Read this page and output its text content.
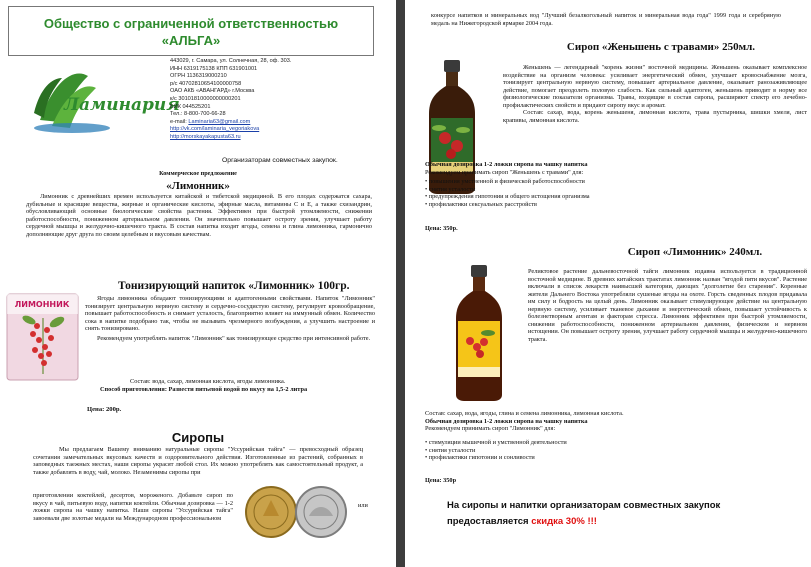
Общество с ограниченной ответственностью
«АЛЬГА»
Ламинария
443029, г. Самара, ул. Солнечная, 28, оф. 303.
ИНН 6319175138 КПП 631901001
ОГРН 1136319000210
р/с 40702810654100000758
ОАО АКБ «АВАНГАРД» г.Москва
к/с 30101810000000000201
БИК 044525201
Тел.: 8-800-700-66-28
e-mail: Laminaria63@gmail.com
http://vk.com/laminaria_vegoriakova
http://morskayakapusta63.ru
Организаторам совместных закупок.
Коммерческое предложение
«Лимонник»
Лимонник с древнейших времен используется китайской и тибетской медициной. В его плодах содержатся сахара, дубильные и красящие вещества, жирные и органические кислоты, эфирные масла, витамины С и Е, а также схизандрин, обусловливающий основные биологические свойства растения. Эффективен при быстрой утомляемости, снижении работоспособности, пониженном артериальном давлении. Он значительно повышает остроту зрения, улучшает работу сердечной мышцы и желудочно-кишечного тракта. В состав напитка входят ягоды, семена и глина лимонника, гармонично дополняющие друг друга по своим целебным и вкусовым качествам.
Тонизирующий напиток «Лимонник» 100гр.
ЛИМОННИК

Ягоды лимонника обладают тонизирующими и адаптогенными свойствами. Напиток "Лимонник" тонизирует центральную нервную систему и сердечно-сосудистую систему, регулирует кровообращение, повышает работоспособность и снимает усталость, благоприятно влияет на иммунный обмен. Количество сока в напитке подобрано так, чтобы не вызывать чрезмерного возбуждения, а улучшить настроение и снять тонизировано.

Рекомендуем употреблять напиток "Лимонник" как тонизирующее средство при интенсивной работе.

Состав: вода, сахар, лимонная кислота, ягоды лимонника.
Способ приготовления: Развести питьевой водой по вкусу на 1,5-2 литра
Цена: 200р.
Сиропы
Мы предлагаем Вашему вниманию натуральные сиропы "Уссурийская тайга" — превосходный образец сочетания замечательных вкусовых качеств и оздоровительного действия. Изготовленные из растений, собранных в заповедных таежных местах, наши сиропы украсят любой стол. Их можно употреблять как самостоятельный продукт, а также добавлять в воду, чай, молоко. Незаменимы сиропы при
приготовлении коктейлей, десертов, мороженого. Добавьте сироп по вкусу в чай, питьевую воду, напитки коктейли. Обычная дозировка — 1-2 ложки сиропа на чашку напитка. Наши сиропы "Уссурийская тайга" завоевали две золотые медали на Международном профессиональном
или
конкурсе напитков и минеральных вод "Лучший безалкогольный напиток и минеральная вода года" 1999 года и серебряную медаль на Нижегородской ярмарке 2004 года.
Сироп «Женьшень с травами» 250мл.

Женьшень — легендарный "корень жизни" восточной медицины. Женьшень оказывает комплексное воздействие на организм человека: усиливает энергетический обмен, улучшает кровоснабжение мозга, тонизирует центральную нервную систему, повышает артериальное давление, оказывает ранозаживляющее действие, помогает преодолеть половую слабость. Как сильный адаптоген, женьшень приводит в норму все физиологические показатели организма. Травы, входящие в состав сиропа, расширяют спектр его лечебно-профилактических свойств и придают сиропу вкус и аромат.

Состав: сахар, вода, корень женьшеня, лимонная кислота, трава пустырника, шишки хмеля, лист крапивы, лимонная кислота.

Обычная дозировка 1-2 ложки сиропа на чашку напитка
Рекомендуем принимать сироп "Женьшень с травами" для:
• повышения умственной и физической работоспособности
• снятия усталости
• предупреждения гипотонии и общего истощения организма
• профилактики сексуальных расстройств
Цена: 350р.
Сироп «Лимонник» 240мл.
Реликтовое растение дальневосточной тайги лимонник издавна используется в традиционной восточной медицине. В древних китайских трактатах лимонник назван "ягодой пяти вкусов". Растение включали в список лекарств наивысшей категории, дающих "долголетие без старения". Коренные жители Дальнего Востока употребляли сушеные ягоды на охоте. Горсть сведенных плодов придавала им силу и бодрость на целый день. Лимонник оказывает стимулирующее действие на центральную нервную систему, усиливает тканевое дыхание и энергетический обмен, повышает устойчивость к болезнетворным агентам и факторам стресса. Лимонник эффективен при быстрой утомляемости, снижении работоспособности, пониженном артериальном давлении, физическом и нервном истощении. Он повышает остроту зрения, улучшает работу сердечной мышцы и желудочно-кишечного тракта.
Состав: сахар, вода, ягоды, глина и семена лимонника, лимонная кислота.
Обычная дозировка 1-2 ложки сиропа на чашку напитка
Рекомендуем принимать сироп "Лимонник" для:
• стимуляции мышечной и умственной деятельности
• снятия усталости
• профилактики гипотонии и сонливости
Цена: 350р
На сиропы и напитки организаторам совместных закупок
предоставляется скидка 30% !!!
